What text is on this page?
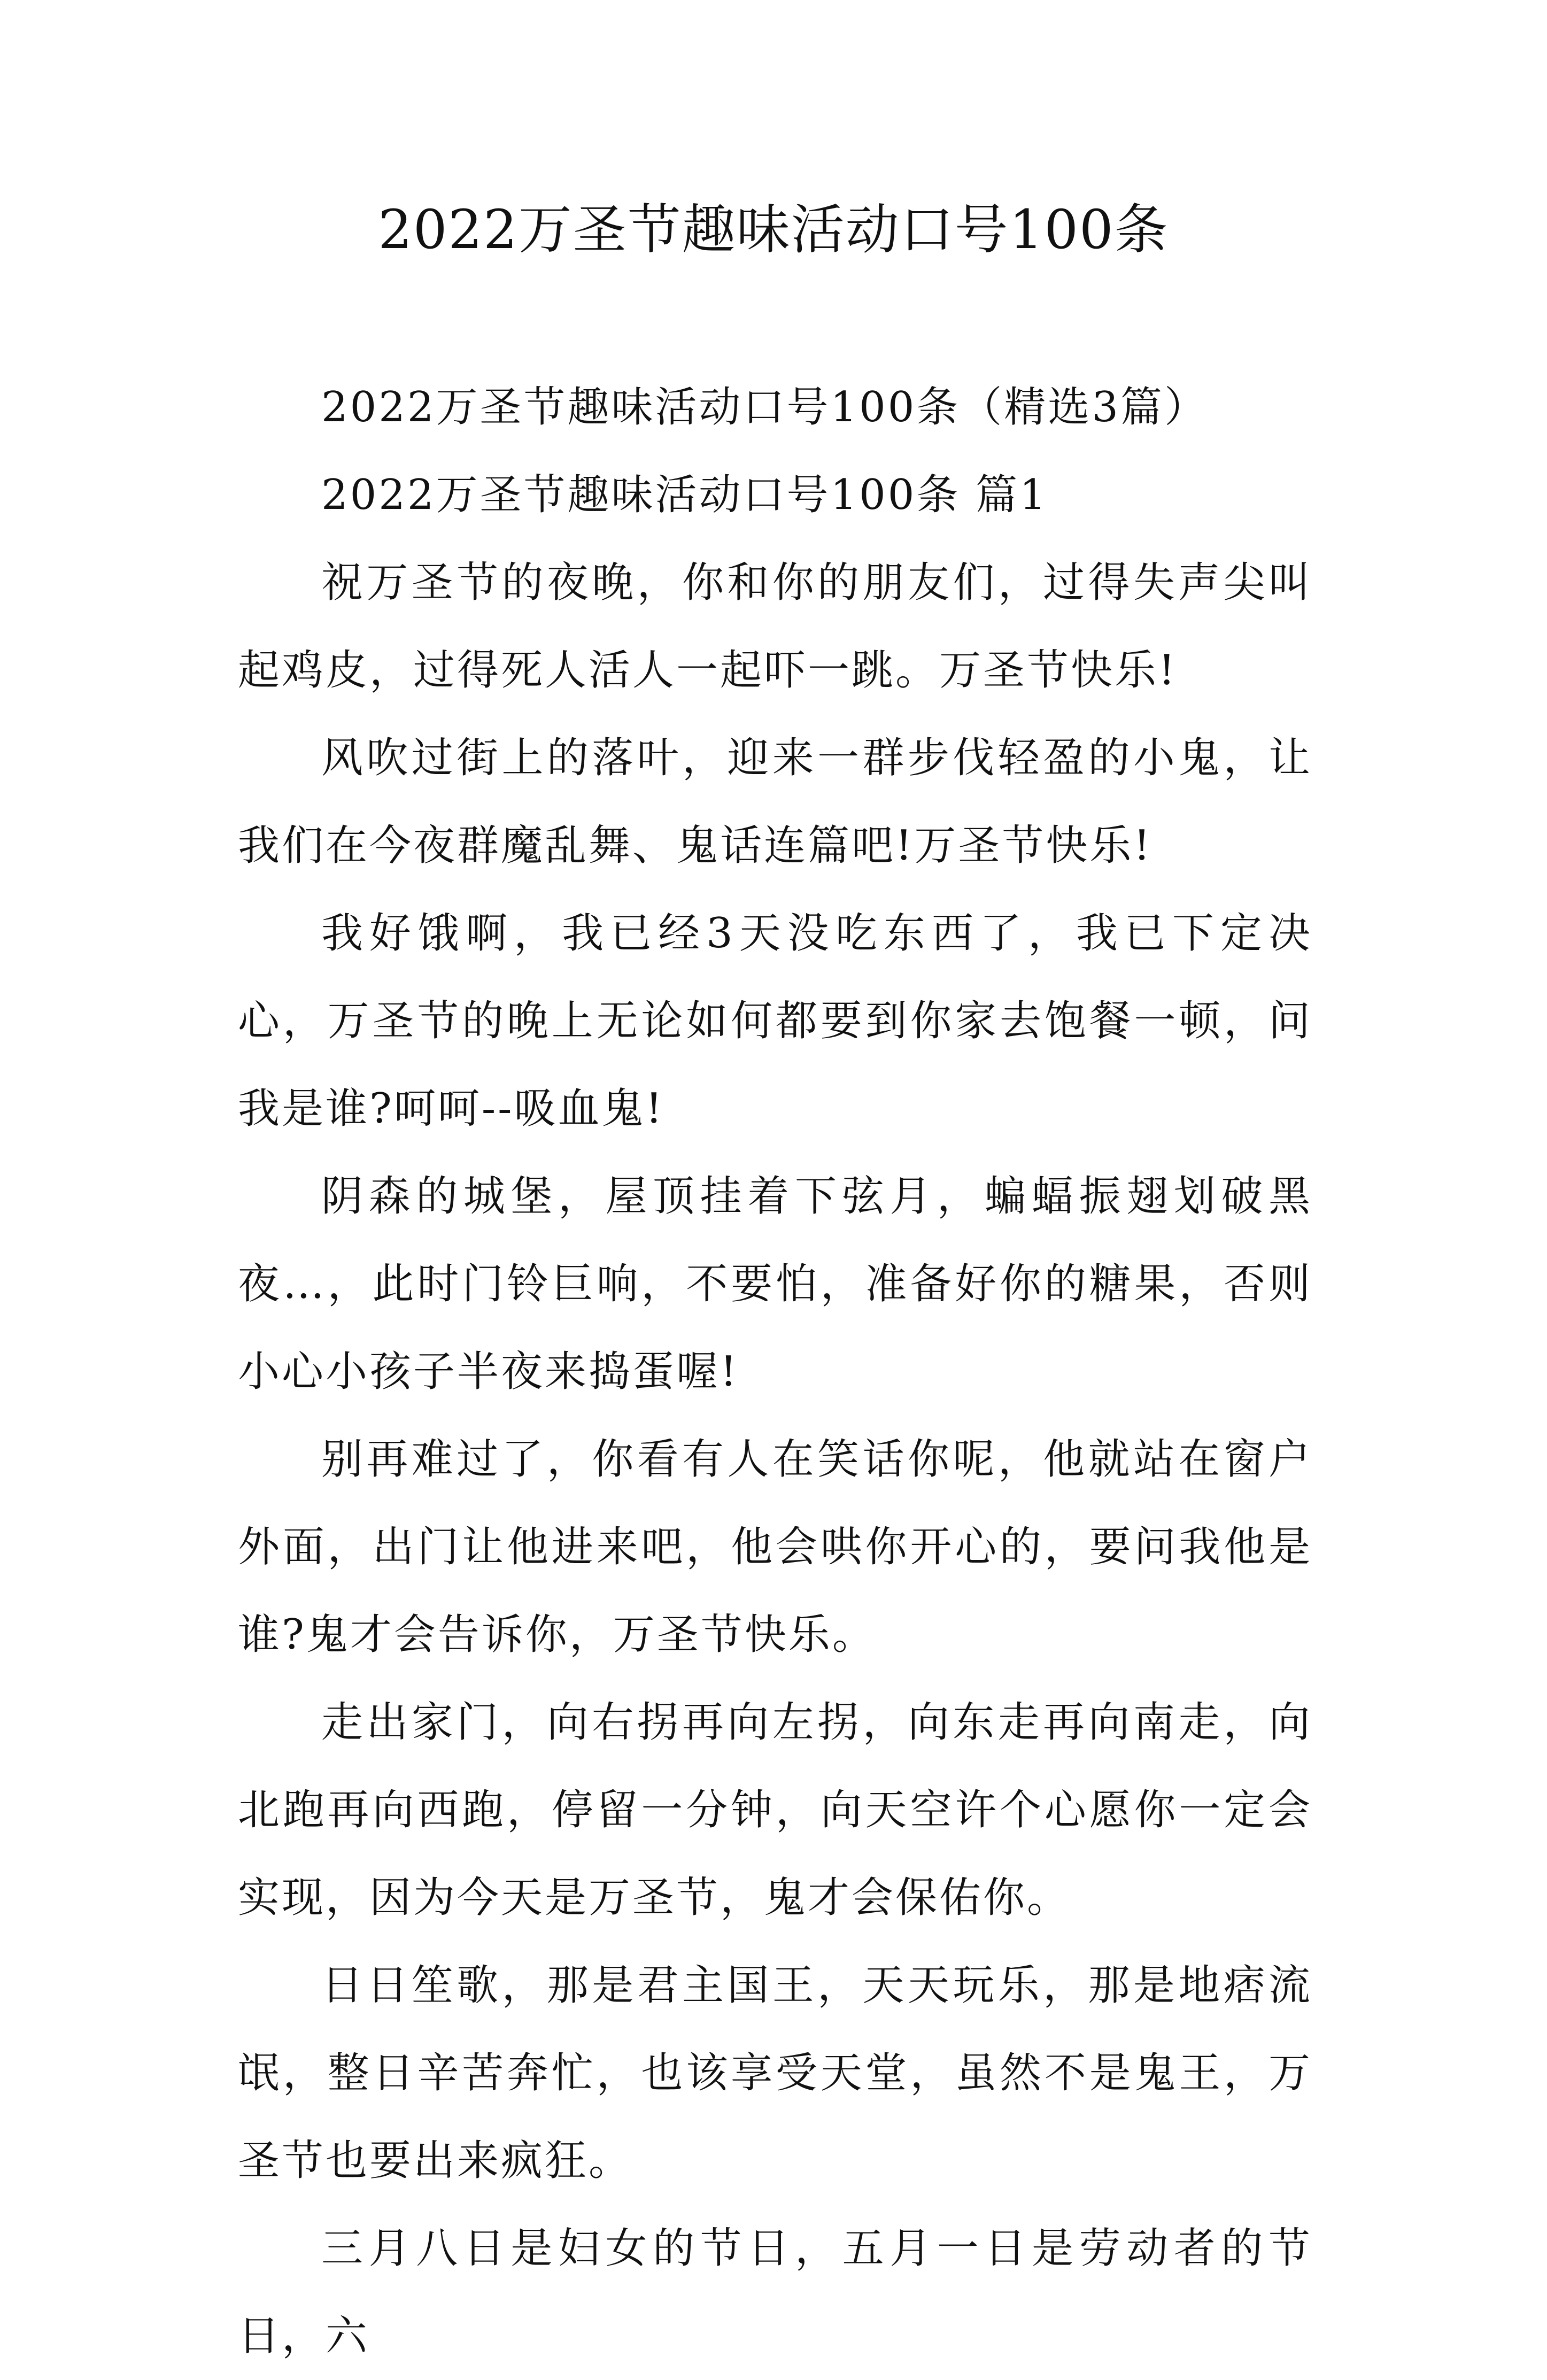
2022万圣节趣味活动口号100条

2022万圣节趣味活动口号100条（精选3篇）

2022万圣节趣味活动口号100条 篇1

祝万圣节的夜晚，你和你的朋友们，过得失声尖叫起鸡皮，过得死人活人一起吓一跳。万圣节快乐!

风吹过街上的落叶，迎来一群步伐轻盈的小鬼，让我们在今夜群魔乱舞、鬼话连篇吧!万圣节快乐!

我好饿啊，我已经3天没吃东西了，我已下定决心，万圣节的晚上无论如何都要到你家去饱餐一顿，问我是谁?呵呵--吸血鬼!

阴森的城堡，屋顶挂着下弦月，蝙蝠振翅划破黑夜…，此时门铃巨响，不要怕，准备好你的糖果，否则小心小孩子半夜来捣蛋喔!

别再难过了，你看有人在笑话你呢，他就站在窗户外面，出门让他进来吧，他会哄你开心的，要问我他是谁?鬼才会告诉你，万圣节快乐。

走出家门，向右拐再向左拐，向东走再向南走，向北跑再向西跑，停留一分钟，向天空许个心愿你一定会实现，因为今天是万圣节，鬼才会保佑你。

日日笙歌，那是君主国王，天天玩乐，那是地痞流氓，整日辛苦奔忙，也该享受天堂，虽然不是鬼王，万圣节也要出来疯狂。

三月八日是妇女的节日，五月一日是劳动者的节日，六
